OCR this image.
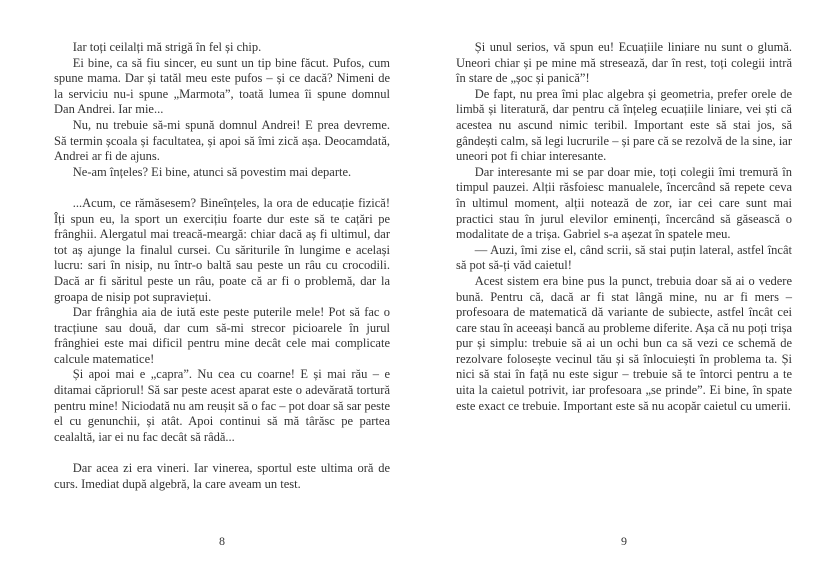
Iar toți ceilalți mă strigă în fel și chip.

Ei bine, ca să fiu sincer, eu sunt un tip bine făcut. Pufos, cum spune mama. Dar și tatăl meu este pufos – și ce dacă? Nimeni de la serviciu nu-i spune „Marmota”, toată lumea îi spune domnul Dan Andrei. Iar mie...

Nu, nu trebuie să-mi spună domnul Andrei! E prea devreme. Să termin școala și facultatea, și apoi să îmi zică așa. Deocamdată, Andrei ar fi de ajuns.

Ne-am înțeles? Ei bine, atunci să povestim mai departe.

...Acum, ce rămăsesem? Bineînțeles, la ora de educație fizică! Îți spun eu, la sport un exercițiu foarte dur este să te cațări pe frânghii. Alergatul mai treacă-meargă: chiar dacă aș fi ultimul, dar tot aș ajunge la finalul cursei. Cu săriturile în lungime e același lucru: sari în nisip, nu într-o baltă sau peste un râu cu crocodili. Dacă ar fi săritul peste un râu, poate că ar fi o problemă, dar la groapa de nisip pot supraviețui.

Dar frânghia aia de iută este peste puterile mele! Pot să fac o tracțiune sau două, dar cum să-mi strecor picioarele în jurul frânghiei este mai dificil pentru mine decât cele mai complicate calcule matematice!

Și apoi mai e „capra”. Nu cea cu coarne! E și mai rău – e ditamai căpriorul! Să sar peste acest aparat este o adevărată tortură pentru mine! Niciodată nu am reușit să o fac – pot doar să sar peste el cu genunchii, și atât. Apoi continui să mă târăsc pe partea cealaltă, iar ei nu fac decât să râdă...

Dar acea zi era vineri. Iar vinerea, sportul este ultima oră de curs. Imediat după algebră, la care aveam un test.

8

Și unul serios, vă spun eu! Ecuațiile liniare nu sunt o glumă. Uneori chiar și pe mine mă stresează, dar în rest, toți colegii intră în stare de „șoc și panică”!

De fapt, nu prea îmi plac algebra și geometria, prefer orele de limbă și literatură, dar pentru că înțeleg ecuațiile liniare, vei ști că acestea nu ascund nimic teribil. Important este să stai jos, să gândești calm, să legi lucrurile – și pare că se rezolvă de la sine, iar uneori pot fi chiar interesante.

Dar interesante mi se par doar mie, toți colegii îmi tremură în timpul pauzei. Alții răsfoiesc manualele, încercând să repete ceva în ultimul moment, alții notează de zor, iar cei care sunt mai practici stau în jurul elevilor eminenți, încercând să găsească o modalitate de a trișa. Gabriel s-a așezat în spatele meu.

— Auzi, îmi zise el, când scrii, să stai puțin lateral, astfel încât să pot să-ți văd caietul!

Acest sistem era bine pus la punct, trebuia doar să ai o vedere bună. Pentru că, dacă ar fi stat lângă mine, nu ar fi mers – profesoara de matematică dă variante de subiecte, astfel încât cei care stau în aceeași bancă au probleme diferite. Așa că nu poți trișa pur și simplu: trebuie să ai un ochi bun ca să vezi ce schemă de rezolvare folosește vecinul tău și să înlocuiești în problema ta. Și nici să stai în față nu este sigur – trebuie să te întorci pentru a te uita la caietul potrivit, iar profesoara „se prinde”. Ei bine, în spate este exact ce trebuie. Important este să nu acopăr caietul cu umerii.

9
